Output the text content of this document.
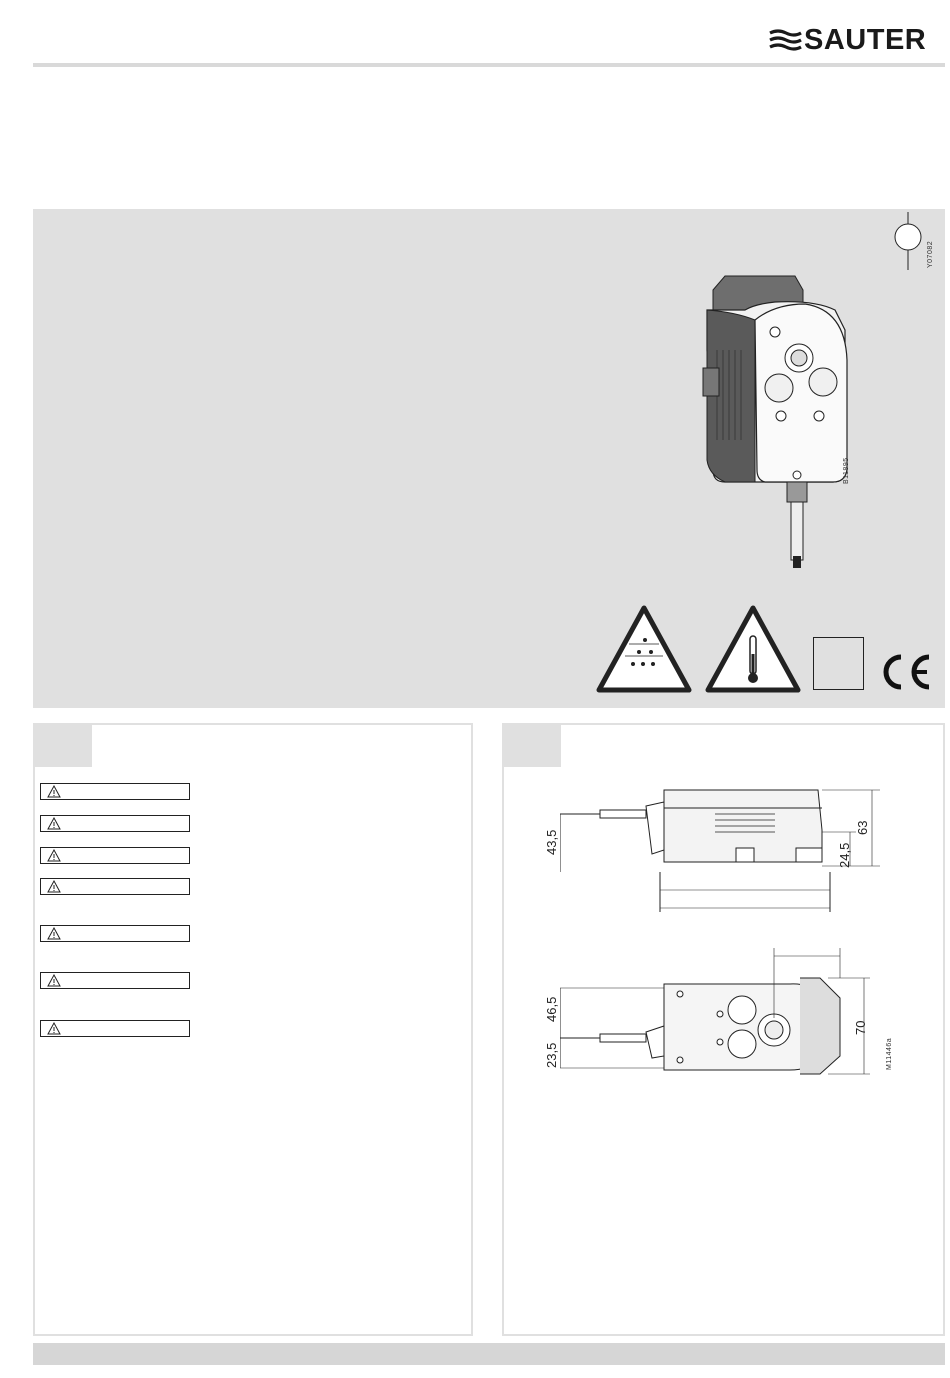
SAUTER
Y07082
B11895
43,5
63
24,5
46,5
23,5
70
M11446a
